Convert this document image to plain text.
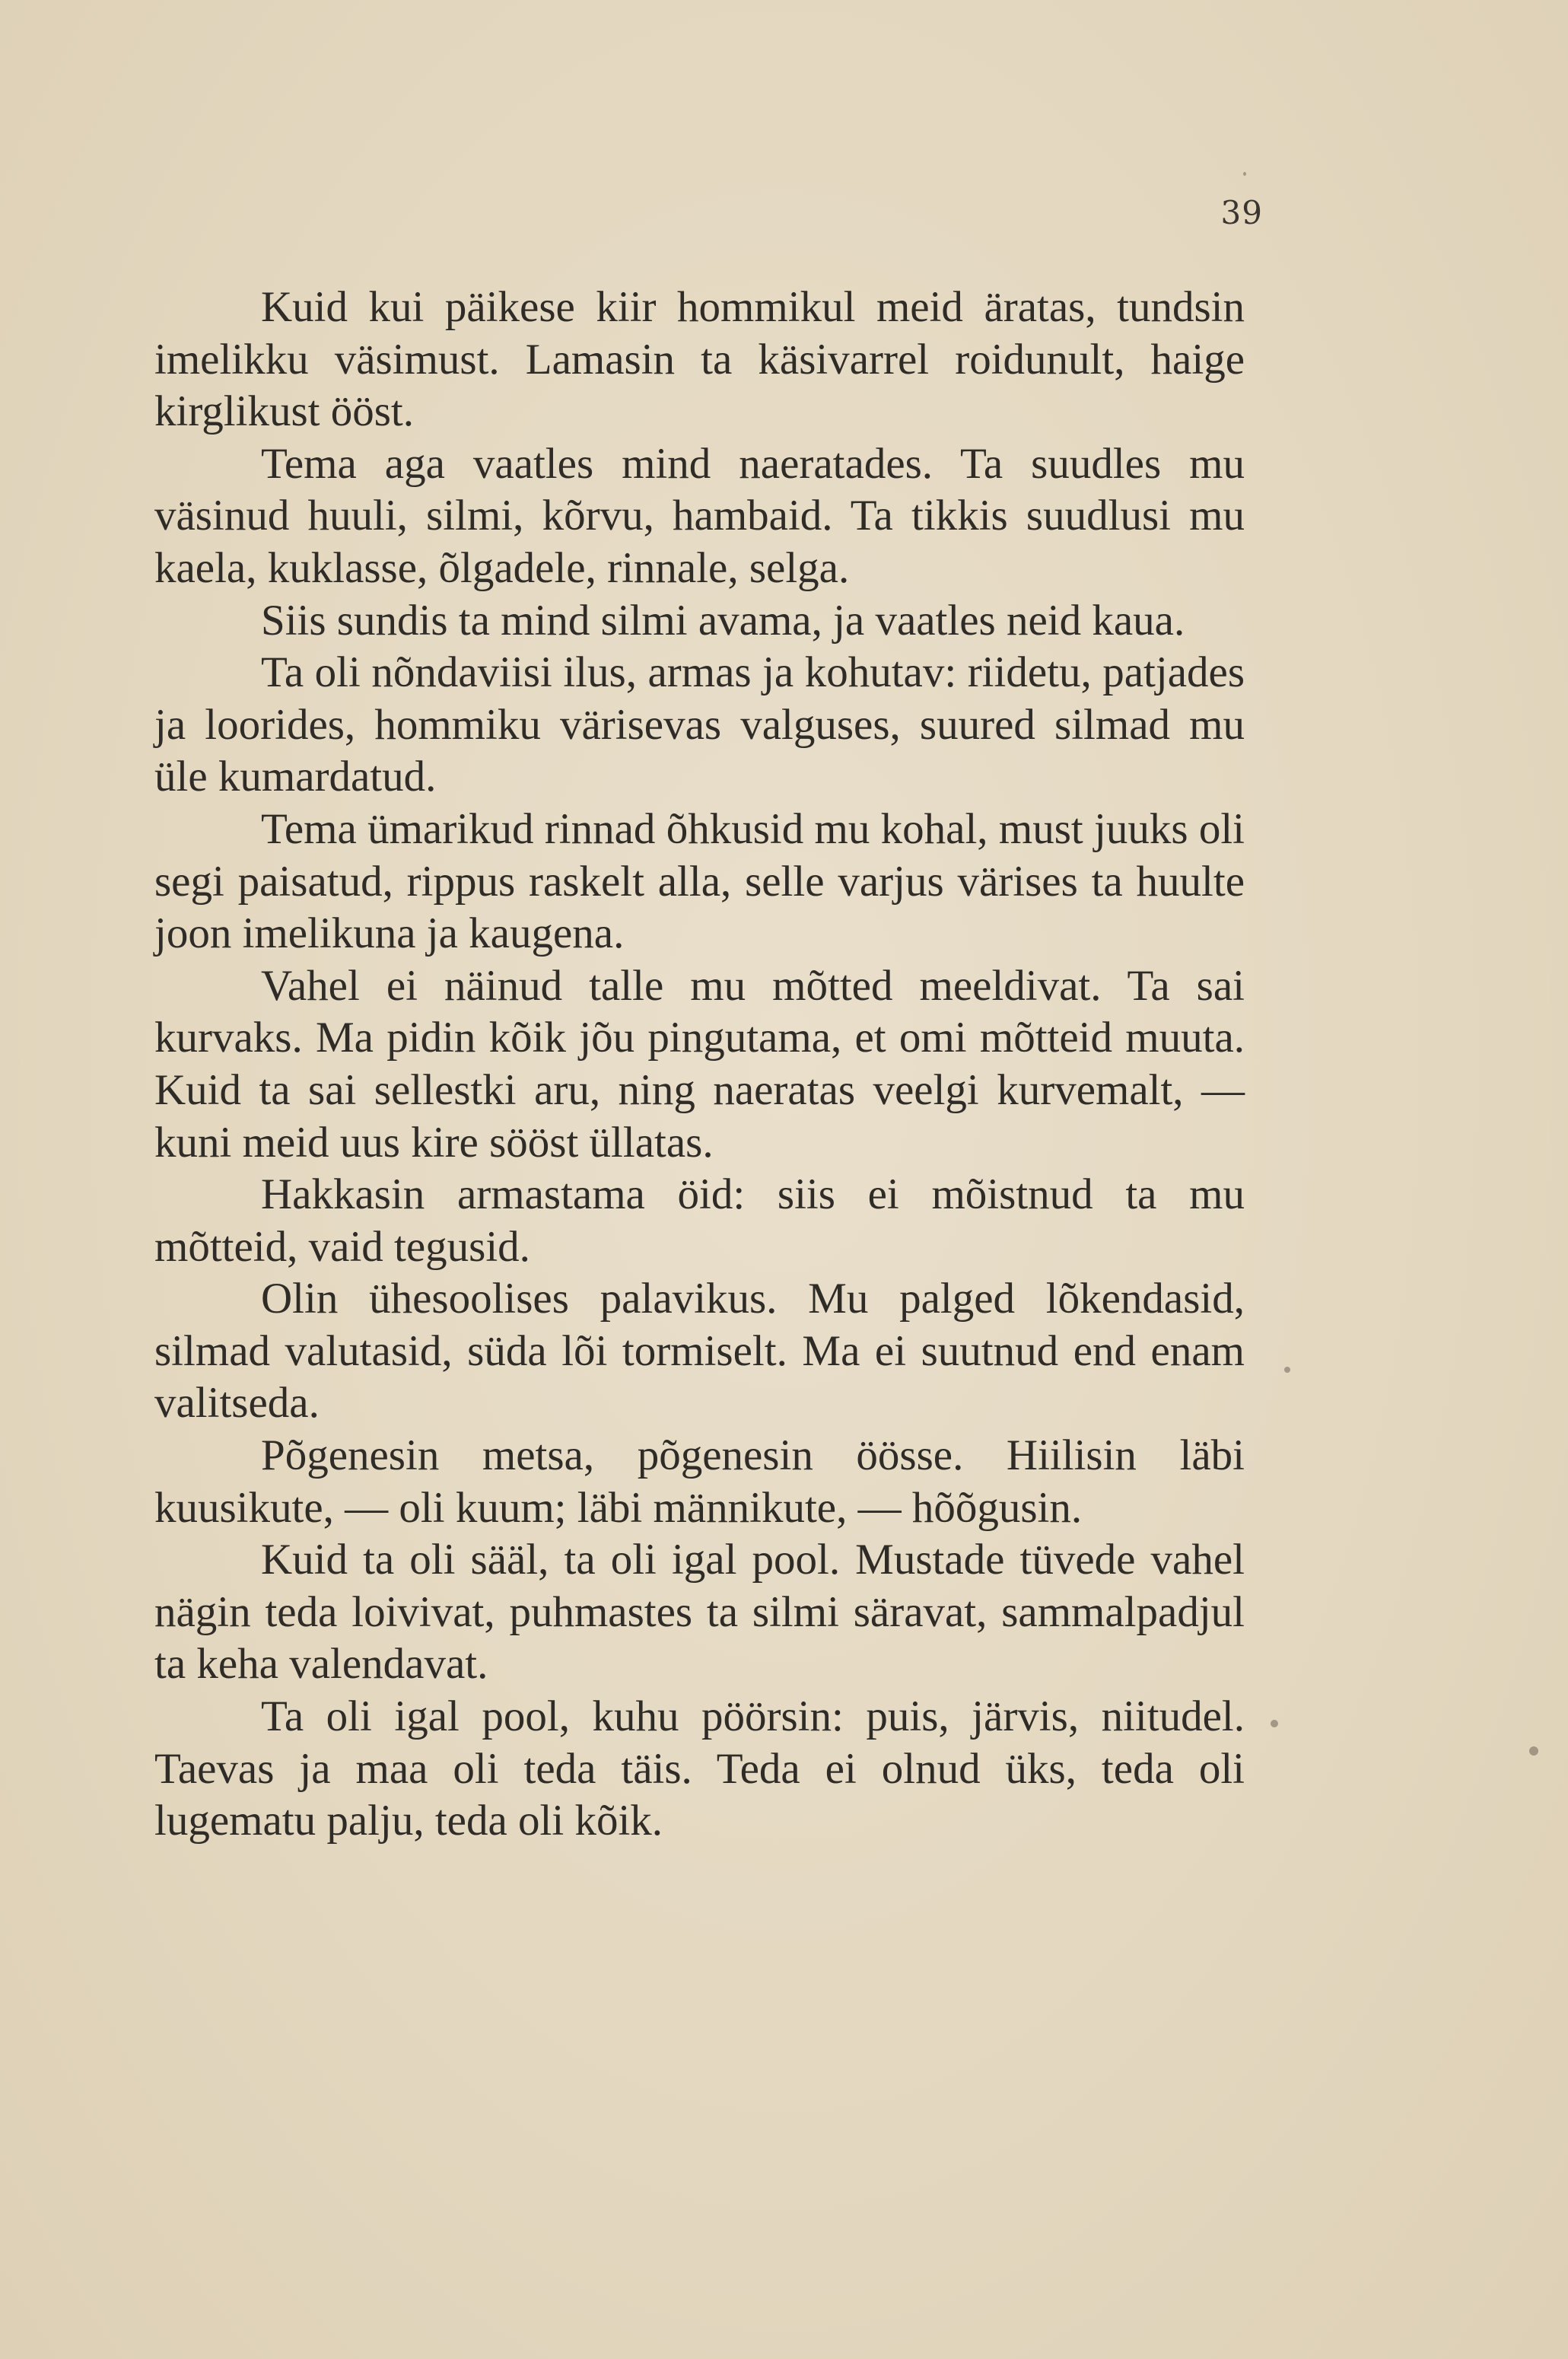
39

Kuid kui päikese kiir hommikul meid äratas, tundsin imelikku väsimust. Lamasin ta käsivarrel roidunult, haige kirglikust ööst.

Tema aga vaatles mind naeratades. Ta suudles mu väsinud huuli, silmi, kõrvu, hambaid. Ta tikkis suudlusi mu kaela, kuklasse, õlgadele, rinnale, selga.

Siis sundis ta mind silmi avama, ja vaatles neid kaua.

Ta oli nõndaviisi ilus, armas ja kohutav: riidetu, patjades ja loorides, hommiku värisevas valguses, suured silmad mu üle kumardatud.

Tema ümarikud rinnad õhkusid mu kohal, must juuks oli segi paisatud, rippus raskelt alla, selle varjus värises ta huulte joon imelikuna ja kaugena.

Vahel ei näinud talle mu mõtted meeldivat. Ta sai kurvaks. Ma pidin kõik jõu pingutama, et omi mõtteid muuta. Kuid ta sai sellestki aru, ning naeratas veelgi kurvemalt, — kuni meid uus kire sööst üllatas.

Hakkasin armastama öid: siis ei mõistnud ta mu mõtteid, vaid tegusid.

Olin ühesoolises palavikus. Mu palged lõkendasid, silmad valutasid, süda lõi tormiselt. Ma ei suutnud end enam valitseda.

Põgenesin metsa, põgenesin öösse. Hiilisin läbi kuusikute, — oli kuum; läbi männikute, — hõõgusin.

Kuid ta oli sääl, ta oli igal pool. Mustade tüvede vahel nägin teda loivivat, puhmastes ta silmi säravat, sammalpadjul ta keha valendavat.

Ta oli igal pool, kuhu pöörsin: puis, järvis, niitudel. Taevas ja maa oli teda täis. Teda ei olnud üks, teda oli lugematu palju, teda oli kõik.
